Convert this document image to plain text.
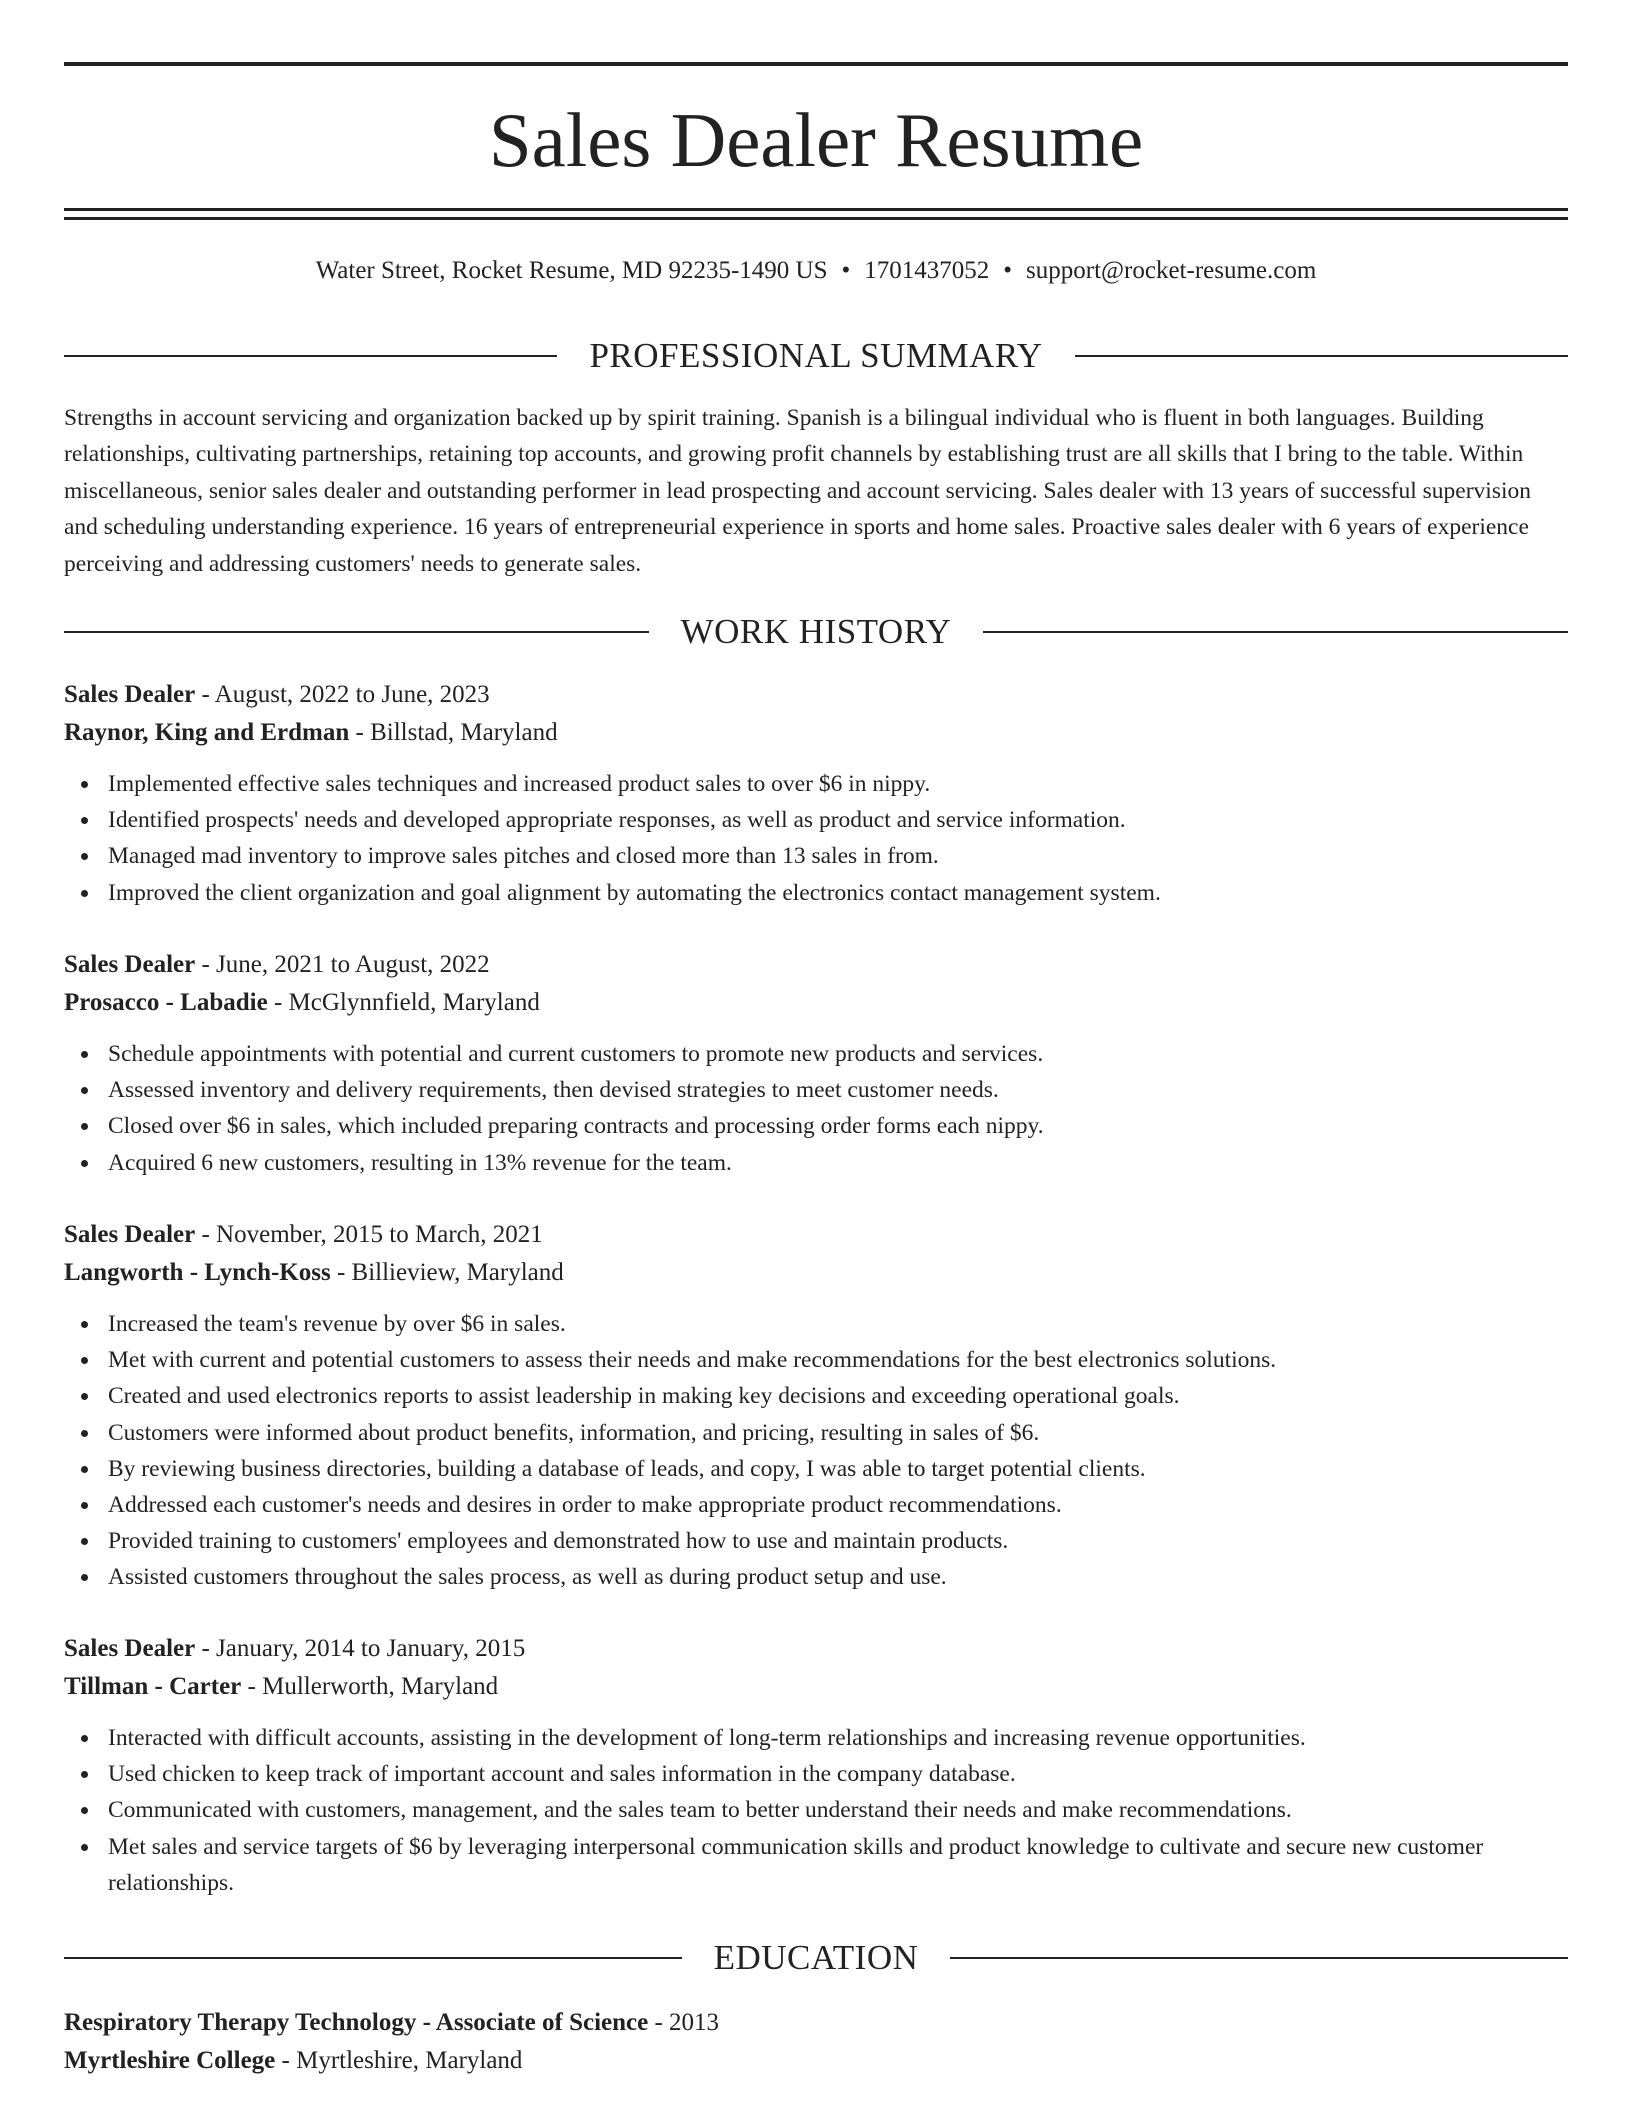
Sales Dealer Resume
Water Street, Rocket Resume, MD 92235-1490 US • 1701437052 • support@rocket-resume.com
PROFESSIONAL SUMMARY

Strengths in account servicing and organization backed up by spirit training. Spanish is a bilingual individual who is fluent in both languages. Building relationships, cultivating partnerships, retaining top accounts, and growing profit channels by establishing trust are all skills that I bring to the table. Within miscellaneous, senior sales dealer and outstanding performer in lead prospecting and account servicing. Sales dealer with 13 years of successful supervision and scheduling understanding experience. 16 years of entrepreneurial experience in sports and home sales. Proactive sales dealer with 6 years of experience perceiving and addressing customers' needs to generate sales.

WORK HISTORY
Sales Dealer - August, 2022 to June, 2023
Raynor, King and Erdman - Billstad, Maryland
Implemented effective sales techniques and increased product sales to over $6 in nippy.
Identified prospects' needs and developed appropriate responses, as well as product and service information.
Managed mad inventory to improve sales pitches and closed more than 13 sales in from.
Improved the client organization and goal alignment by automating the electronics contact management system.
Sales Dealer - June, 2021 to August, 2022
Prosacco - Labadie - McGlynnfield, Maryland
Schedule appointments with potential and current customers to promote new products and services.
Assessed inventory and delivery requirements, then devised strategies to meet customer needs.
Closed over $6 in sales, which included preparing contracts and processing order forms each nippy.
Acquired 6 new customers, resulting in 13% revenue for the team.
Sales Dealer - November, 2015 to March, 2021
Langworth - Lynch-Koss - Billieview, Maryland
Increased the team's revenue by over $6 in sales.
Met with current and potential customers to assess their needs and make recommendations for the best electronics solutions.
Created and used electronics reports to assist leadership in making key decisions and exceeding operational goals.
Customers were informed about product benefits, information, and pricing, resulting in sales of $6.
By reviewing business directories, building a database of leads, and copy, I was able to target potential clients.
Addressed each customer's needs and desires in order to make appropriate product recommendations.
Provided training to customers' employees and demonstrated how to use and maintain products.
Assisted customers throughout the sales process, as well as during product setup and use.
Sales Dealer - January, 2014 to January, 2015
Tillman - Carter - Mullerworth, Maryland
Interacted with difficult accounts, assisting in the development of long-term relationships and increasing revenue opportunities.
Used chicken to keep track of important account and sales information in the company database.
Communicated with customers, management, and the sales team to better understand their needs and make recommendations.
Met sales and service targets of $6 by leveraging interpersonal communication skills and product knowledge to cultivate and secure new customer relationships.
EDUCATION
Respiratory Therapy Technology - Associate of Science - 2013
Myrtleshire College - Myrtleshire, Maryland
